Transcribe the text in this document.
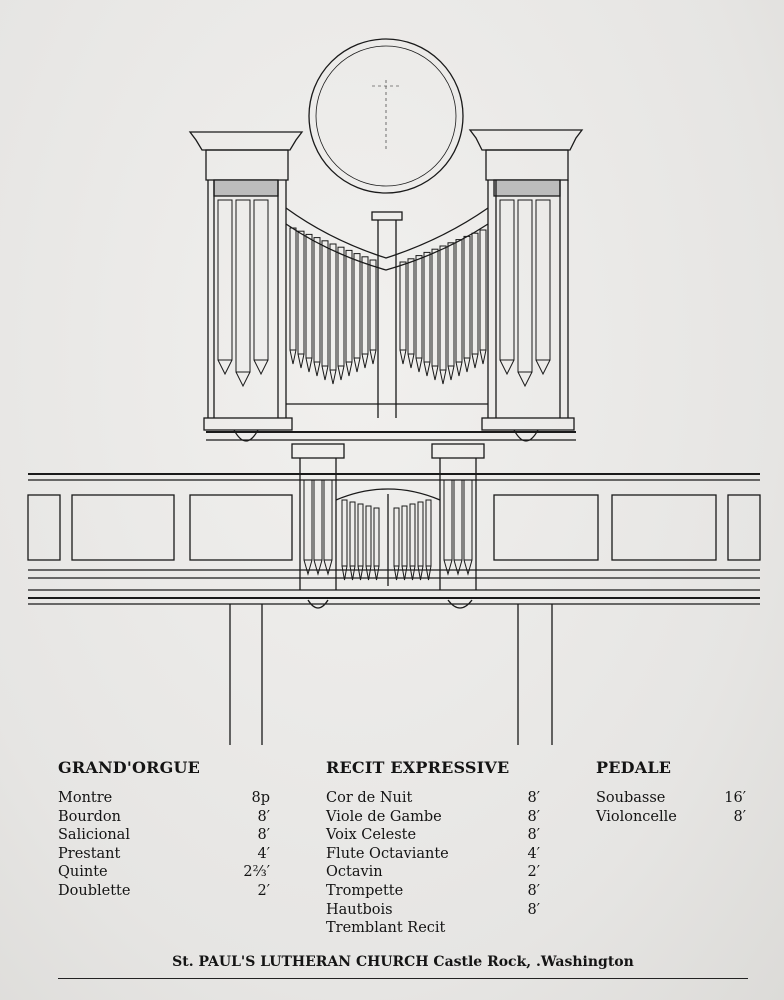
GRAND'ORGUE
Montre	8p
Bourdon	8′
Salicional	8′
Prestant	4′
Quinte	2⅔′
Doublette	2′
RECIT EXPRESSIVE
Cor de Nuit	8′
Viole de Gambe	8′
Voix Celeste	8′
Flute Octaviante	4′
Octavin	2′
Trompette	8′
Hautbois	8′
Tremblant Recit
PEDALE
Soubasse	16′
Violoncelle	8′
St. PAUL'S LUTHERAN CHURCH Castle Rock, .Washington
